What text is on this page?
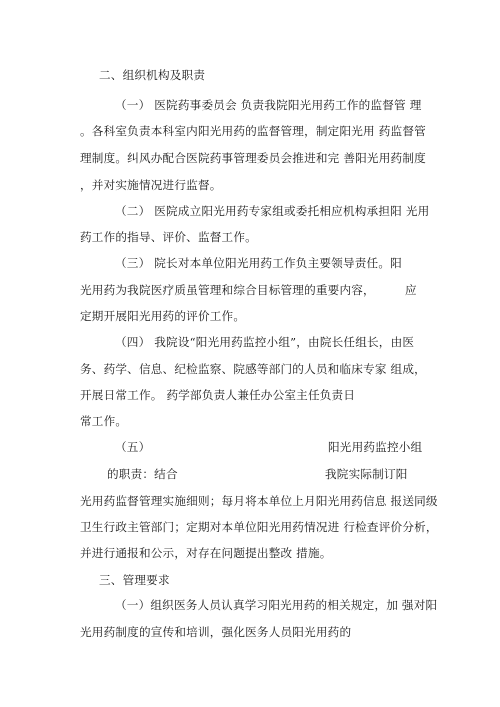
二、组织机构及职责
（一） 医院药事委员会 负责我院阳光用药工作的监督管 理
。各科室负责本科室内阳光用药的监督管理，制定阳光用 药监督管
理制度。纠风办配合医院药事管理委员会推进和完 善阳光用药制度
，并对实施情况进行监督。
（二） 医院成立阳光用药专家组或委托相应机构承担阳 光用
药工作的指导、评价、监督工作。
（三） 院长对本单位阳光用药工作负主要领导责任。阳
光用药为我院医疗质虽管理和综合目标管理的重要内容，	应
定期开展阳光用药的评价工作。
（四） 我院设“阳光用药监控小组”，由院长任组长，由医
务、药学、信息、纪检监察、院感等部门的人员和临床专家 组成，
开展日常工作。 药学部负责人兼任办公室主任负责日
常工作。
（五）	阳光用药监控小组
的职责：结合	我院实际制订阳
光用药监督管理实施细则；每月将本单位上月阳光用药信息 报送同级
卫生行政主管部门；定期对本单位阳光用药情况进 行检查评价分析，
并进行通报和公示，对存在问题提出整改 措施。
三、管理要求
（一）组织医务人员认真学习阳光用药的相关规定，加 强对阳
光用药制度的宣传和培训，强化医务人员阳光用药的
